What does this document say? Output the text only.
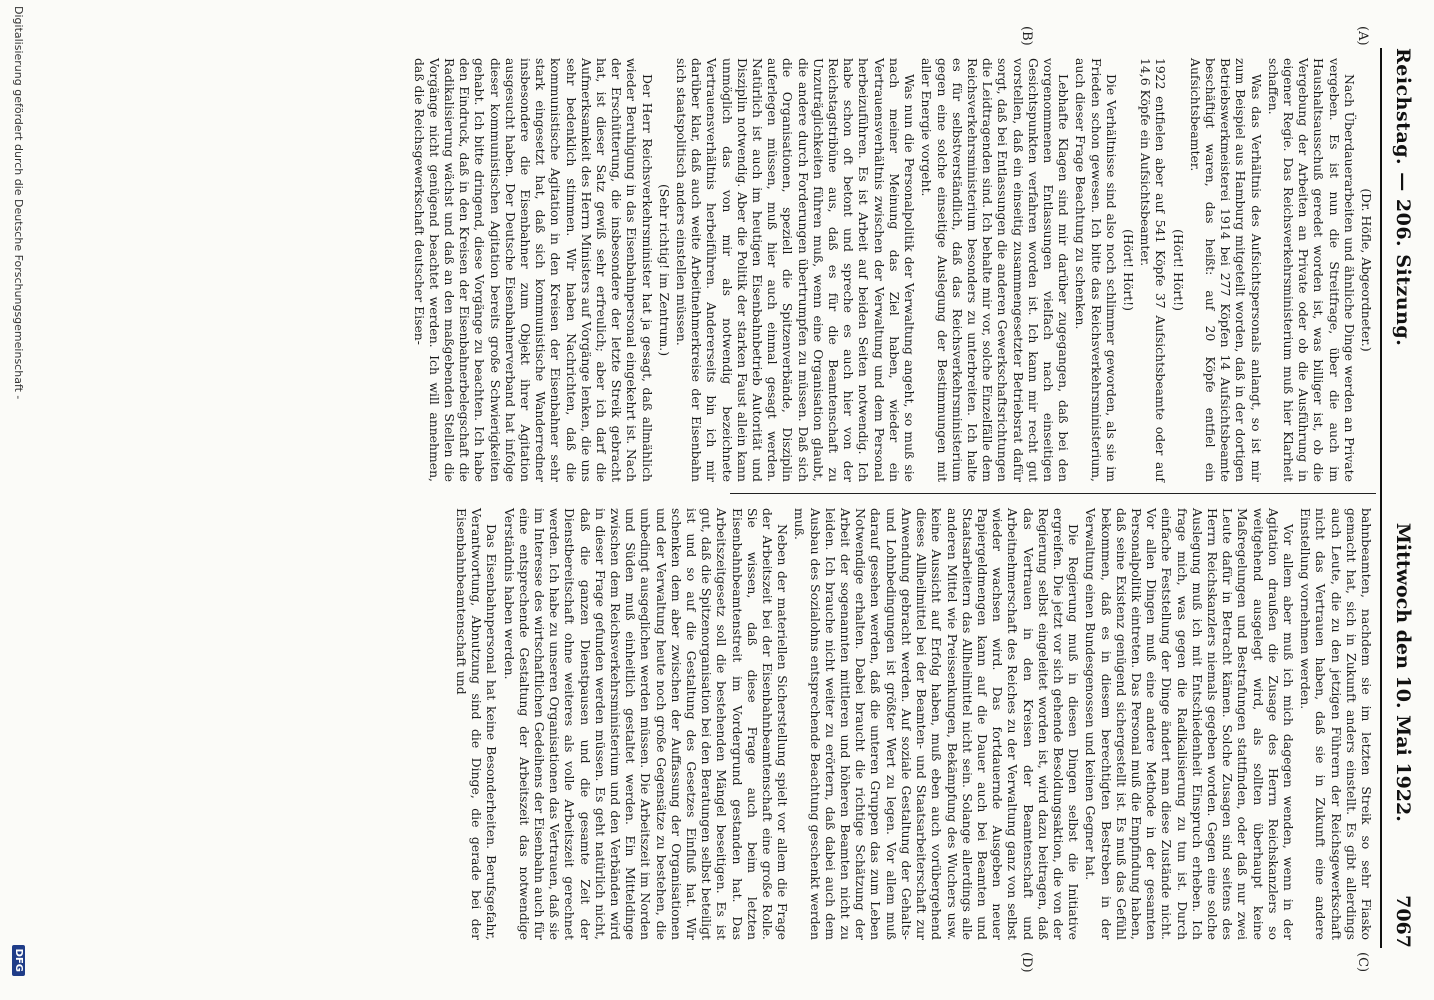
Reichstag. — 206. Sitzung.
Mittwoch den 10. Mai 1922.  7067
(A)
(B)
(C)
(D)

(Dr. Höfle, Abgeordneter.)

Nach Überdauerarbeiten und ähnliche Dinge werden an Private vergeben. Es ist nun die Streitfrage, über die auch im Haushaltsausschuß geredet worden ist, was billiger ist, ob die Vergebung der Arbeiten an Private oder ob die Ausführung in eigener Regie. Das Reichsverkehrsministerium muß hier Klarheit schaffen.

Was das Verhältnis des Aufsichtspersonals anlangt, so ist mir zum Beispiel aus Hamburg mitgeteilt worden, daß in der dortigen Betriebswerkmeisterei 1914 bei 277 Köpfen 14 Aufsichtsbeamte beschäftigt waren, das heißt: auf 20 Köpfe entfiel ein Aufsichtsbeamter.

(Hört! Hört!)

1922 entfielen aber auf 541 Köpfe 37 Aufsichtsbeamte oder auf 14,6 Köpfe ein Aufsichtsbeamter.

(Hört! Hört!)

Die Verhältnisse sind also noch schlimmer geworden, als sie im Frieden schon gewesen. Ich bitte das Reichsverkehrsministerium, auch dieser Frage Beachtung zu schenken.

Lebhafte Klagen sind mir darüber zugegangen, daß bei den vorgenommenen Entlassungen vielfach nach einseitigen Gesichtspunkten verfahren worden ist. Ich kann mir recht gut vorstellen, daß ein einseitig zusammengesetzter Betriebsrat dafür sorgt, daß bei Entlassungen die anderen Gewerkschaftsrichtungen die Leidtragenden sind. Ich behalte mir vor, solche Einzelfälle dem Reichsverkehrsministerium besonders zu unterbreiten. Ich halte es für selbstverständlich, daß das Reichsverkehrsministerium gegen eine solche einseitige Auslegung der Bestimmungen mit aller Energie vorgeht.

Was nun die Personalpolitik der Verwaltung angeht, so muß sie nach meiner Meinung das Ziel haben, wieder ein Vertrauensverhältnis zwischen der Verwaltung und dem Personal herbeizuführen. Es ist Arbeit auf beiden Seiten notwendig. Ich habe schon oft betont und spreche es auch hier von der Reichstagstribüne aus, daß es für die Beamtenschaft zu Unzuträglichkeiten führen muß, wenn eine Organisation glaubt, die andere durch Forderungen übertrumpfen zu müssen. Daß sich die Organisationen, speziell die Spitzenverbände, Disziplin auferlegen müssen, muß hier auch einmal gesagt werden. Natürlich ist auch im heutigen Eisenbahnbetrieb Autorität und Disziplin notwendig. Aber die Politik der starken Faust allein kann unmöglich das von mir als notwendig bezeichnete Vertrauensverhältnis herbeiführen. Andererseits bin ich mir darüber klar, daß auch weite Arbeitnehmerkreise der Eisenbahn sich staatspolitisch anders einstellen müssen.

(Sehr richtig! im Zentrum.)

Der Herr Reichsverkehrsminister hat ja gesagt, daß allmählich wieder Beruhigung in das Eisenbahnpersonal eingekehrt ist. Nach der Erschütterung, die insbesondere der letzte Streik gebracht hat, ist dieser Satz gewiß sehr erfreulich; aber ich darf die Aufmerksamkeit des Herrn Ministers auf Vorgänge lenken, die uns sehr bedenklich stimmen. Wir haben Nachrichten, daß die kommunistische Agitation in den Kreisen der Eisenbahner sehr stark eingesetzt hat, daß sich kommunistische Wanderredner insbesondere die Eisenbahner zum Objekt ihrer Agitation ausgesucht haben. Der Deutsche Eisenbahnerverband hat infolge dieser kommunistischen Agitation bereits große Schwierigkeiten gehabt. Ich bitte dringend, diese Vorgänge zu beachten. Ich habe den Eindruck, daß in den Kreisen der Eisenbahnerbelegschaft die Radikalisierung wächst und daß an den maßgebenden Stellen die Vorgänge nicht genügend beachtet werden. Ich will annehmen, daß die Reichsgewerkschaft deutscher Eisen-

bahnbeamten, nachdem sie im letzten Streik so sehr Fiasko gemacht hat, sich in Zukunft anders einstellt. Es gibt allerdings auch Leute, die zu den jetzigen Führern der Reichsgewerkschaft nicht das Vertrauen haben, daß sie in Zukunft eine andere Einstellung vornehmen werden.

Vor allem aber muß ich mich dagegen wenden, wenn in der Agitation draußen die Zusage des Herrn Reichskanzlers so weitgehend ausgelegt wird, als sollten überhaupt keine Maßregelungen und Bestrafungen stattfinden, oder daß nur zwei Leute dafür in Betracht kämen. Solche Zusagen sind seitens des Herrn Reichskanzlers niemals gegeben worden. Gegen eine solche Auslegung muß ich mit Entschiedenheit Einspruch erheben. Ich frage mich, was gegen die Radikalisierung zu tun ist. Durch einfache Feststellung der Dinge ändert man diese Zustände nicht. Vor allen Dingen muß eine andere Methode in der gesamten Personalpolitik eintreten. Das Personal muß die Empfindung haben, daß seine Existenz genügend sichergestellt ist. Es muß das Gefühl bekommen, daß es in diesem berechtigten Bestreben in der Verwaltung einen Bundesgenossen und keinen Gegner hat.

Die Regierung muß in diesen Dingen selbst die Initiative ergreifen. Die jetzt vor sich gehende Besoldungsaktion, die von der Regierung selbst eingeleitet worden ist, wird dazu beitragen, daß das Vertrauen in den Kreisen der Beamtenschaft und Arbeitnehmerschaft des Reiches zu der Verwaltung ganz von selbst wieder wachsen wird. Das fortdauernde Ausgeben neuer Papiergeldmengen kann auf die Dauer auch bei Beamten und Staatsarbeitern das Allheilmittel nicht sein. Solange allerdings alle anderen Mittel wie Preissenkungen, Bekämpfung des Wuchers usw. keine Aussicht auf Erfolg haben, muß eben auch vorübergehend dieses Allheilmittel bei der Beamten- und Staatsarbeiterschaft zur Anwendung gebracht werden. Auf soziale Gestaltung der Gehalts- und Lohnbedingungen ist größter Wert zu legen. Vor allem muß darauf gesehen werden, daß die unteren Gruppen das zum Leben Notwendige erhalten. Dabei braucht die richtige Schätzung der Arbeit der sogenannten mittleren und höheren Beamten nicht zu leiden. Ich brauche nicht weiter zu erörtern, daß dabei auch dem Ausbau des Sozialohns entsprechende Beachtung geschenkt werden muß.

Neben der materiellen Sicherstellung spielt vor allem die Frage der Arbeitszeit bei der Eisenbahnbeamtenschaft eine große Rolle. Sie wissen, daß diese Frage auch beim letzten Eisenbahnbeamtenstreit im Vordergrund gestanden hat. Das Arbeitszeitgesetz soll die bestehenden Mängel beseitigen. Es ist gut, daß die Spitzenorganisation bei den Beratungen selbst beteiligt ist und so auf die Gestaltung des Gesetzes Einfluß hat. Wir schenken dem aber zwischen der Auffassung der Organisationen und der Verwaltung heute noch große Gegensätze zu bestehen, die unbedingt ausgeglichen werden müssen. Die Arbeitszeit im Norden und Süden muß einheitlich gestaltet werden. Ein Mitteldinge zwischen dem Reichsverkehrsministerium und den Verbänden wird in dieser Frage gefunden werden müssen. Es geht natürlich nicht, daß die ganzen Dienstpausen und die gesamte Zeit der Dienstbereitschaft ohne weiteres als volle Arbeitszeit gerechnet werden. Ich habe zu unseren Organisationen das Vertrauen, daß sie im Interesse des wirtschaftlichen Gedeihens der Eisenbahn auch für eine entsprechende Gestaltung der Arbeitszeit das notwendige Verständnis haben werden.

Das Eisenbahnpersonal hat keine Besonderheiten. Berufsgefahr, Verantwortung, Abnutzung sind die Dinge, die gerade bei der Eisenbahnbeamtenschaft und

Digitalisierung gefördert durch die Deutsche Forschungsgemeinschaft -
DFG
